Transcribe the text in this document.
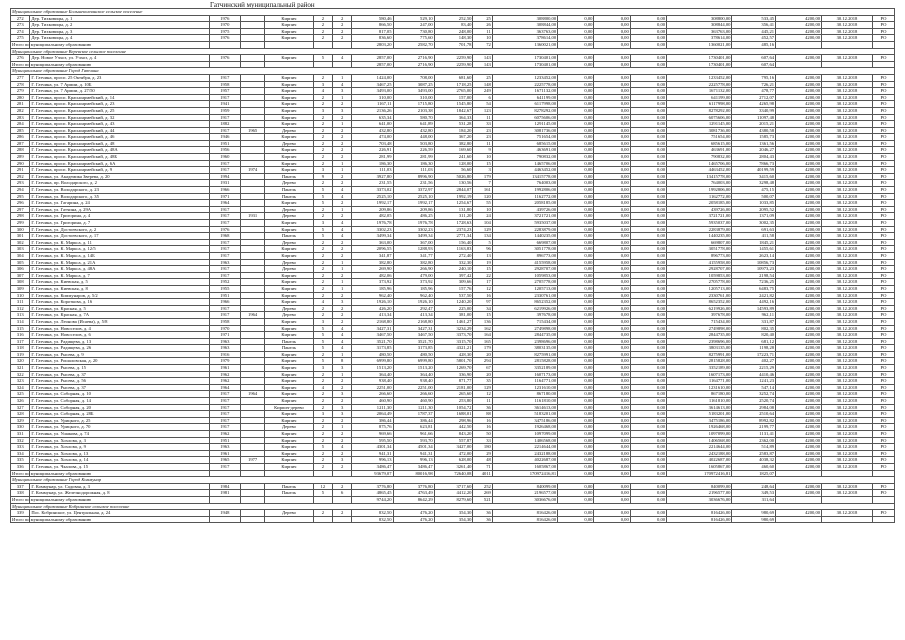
Гатчинский муниципальный район
Муниципальное образование Большеколпанское сельское поселение																			
272	Дер. Тихковицы, д. 1	1976		Кирпич	2	2	580,46	529,10	252,50	25	308800,00	0,00	0,00	0,00	308800,00	533,45	4200,00	30.12.2018	РО
273	Дер. Тихковицы, д. 2	1970		Кирпич	2	2	866,50	247,00	83,40	26	308844,00	0,00	0,00	0,00	308844,00	356,41	4200,00	30.12.2018	РО
274	Дер. Тихковицы, д. 3	1975		Кирпич	2	2	817,05	730,80	248,00	11	363763,00	0,00	0,00	0,00	363763,00	445,21	4200,00	30.12.2018	РО
275	Дер. Тихковицы, д. 4	1976		Кирпич	2	2	836,60	775,60	148,30	10	378614,00	0,00	0,00	0,00	378614,00	452,57	4200,00	30.12.2018	РО
Итого по муниципальному образованию							2803,20	2582,70	701,78	72	1360021,00	0,00	0,00	0,00	1360021,00	485,16			
Муниципальное образование Веревское сельское поселение																			
276	Дер. Новое Учхоз, ул. Учхоз, д. 4	1976		Кирпич	5	4	2857,00	2716,90	2259,90	143	1730401,00	0,00	0,00	0,00	1730401,00	607,64	4200,00	30.12.2018	РО
Итого по муниципальному образованию							2857,00	2716,90	2259,90	143	1730401,00	0,00	0,00	0,00	1730401,00	607,64			
Муниципальное образование Город Гатчина																			
277	Г. Гатчина, просп. 25 Октября, д. 23	1917		Кирпич	2	1	1424,00	708,00	681,60	25	1233452,00	0,00	0,00	0,00	1233452,00	795,16	4200,00	30.12.2018	РО
278	Г. Гатчина, ул. 7 Армии, д. 10Б	1958		Кирпич	3	4	3467,25	3087,25	1718,25	148	2225778,00	0,00	0,00	0,00	2225778,00	726,21	4200,00	30.12.2018	РО
279	Г. Гатчина, ул. 7 Армии, д. 27/50	1957		Кирпич	4	3	3493,00	3493,00	2765,00	249	1671132,00	0,00	0,00	0,00	1671132,00	478,77	4200,00	30.12.2018	РО
280	Г. Гатчина, просп. Красноармейский, д. 14	1917		Кирпич	2	1	310,00	310,00	157,00	6	641199,00	0,00	0,00	0,00	641199,00	2712,07	4200,00	30.12.2018	РО
281	Г. Гатчина, просп. Красноармейский, д. 23	1941		Кирпич	2	2	1167,11	1715,80	1545,80	54	6117998,00	0,00	0,00	0,00	6117998,00	4265,98	4200,00	30.12.2018	РО
282	Г. Гатчина, просп. Красноармейский, д. 25	1959		Кирпич	3	3	2136,26	2103,38	1842,67	123	8278292,00	0,00	0,00	0,00	8278292,00	3340,99	4200,00	30.12.2018	РО
283	Г. Гатчина, просп. Красноармейский, д. 32	1917		Кирпич	2	2	635,34	580,70	364,33	11	6075606,00	0,00	0,00	0,00	6075606,00	11097,48	4200,00	30.12.2018	РО
284	Г. Гатчина, просп. Красноармейский, д. 43	1882		Кирпич	2	1	641,00	641,89	531,28	33	1291145,00	0,00	0,00	0,00	1291145,00	2015,21	4200,00	30.12.2018	РО
285	Г. Гатчина, просп. Красноармейский, д. 44	1917	1965	Дерево	2	2	432,80	432,80	184,20	23	3081736,00	0,00	0,00	0,00	3081736,00	4380,58	4200,00	30.12.2018	РО
286	Г. Гатчина, просп. Красноармейский, д. 46	1946		Кирпич	2	2	474,00	448,00	367,20	23	751654,00	0,00	0,00	0,00	751654,00	1585,73	4200,00	30.12.2018	РО
287	Г. Гатчина, просп. Красноармейский, д. 48	1951		Дерево	2	2	703,48	503,80	382,80	11	685615,00	0,00	0,00	0,00	685615,00	1361,56	4200,00	30.12.2018	РО
288	Г. Гатчина, просп. Красноармейский, д. 48А	1956		Кирпич	2	2	226,91	226,59	169,60	9	463691,00	0,00	0,00	0,00	463691,00	2046,27	4200,00	30.12.2018	РО
289	Г. Гатчина, просп. Красноармейский, д. 48Б	1960		Кирпич	2	2	281,99	281,99	241,60	10	790832,00	0,00	0,00	0,00	790832,00	2804,43	4200,00	30.12.2018	РО
290	Г. Гатчина, просп. Красноармейский, д. 6А	1917		Кирпич	2	1	186,30	186,30	128,00	15	1465706,00	0,00	0,00	0,00	1465706,00	7866,73	4200,00	30.12.2018	РО
291	Г. Гатчина, просп. Красноармейский, д. 9	1917	1974	Кирпич	3	1	111,03	111,03	56,60	3	4463452,00	0,00	0,00	0,00	4463452,00	40199,59	4200,00	30.12.2018	РО
292	Г. Гатчина, ул. Академика Зверева, д. 20	1994		Панель	9	2	3927,80	8996,90	5026,80	179	13415778,00	0,00	0,00	0,00	13415778,00	3415,60	4200,00	30.12.2018	РО
293	Г. Гатчина, пр. Володарского, д. 2	1931		Дерево	2	2	231,55	231,56	130,56	7	764003,00	0,00	0,00	0,00	764003,00	3298,48	4200,00	30.12.2018	РО
294	Г. Гатчина, ул. Володарского, д. 23	1966		Панель	5	4	3373,02	3372,97	2844,07	161	1992806,00	0,00	0,00	0,00	1992806,00	475,15	4200,00	30.12.2018	РО
295	Г. Гатчина, ул. Володарского, д. 35	1971		Панель	5	4	2525,10	2525,10	1992,19	120	1162772,00	0,00	0,00	0,00	1162772,00	500,07	4200,00	30.12.2018	РО
296	Г. Гатчина, ул. Гагарина, д. 24	1964		Кирпич	5	2	1992,17	1992,17	1254,67	55	2058185,00	0,00	0,00	0,00	2058185,00	1033,85	4200,00	30.12.2018	РО
297	Г. Гатчина, ул. Гатчина, д. 29А	1917		Дерево	2	1	209,86	209,86	131,80	10	439726,00	0,00	0,00	0,00	439726,00	2095,52	4200,00	30.12.2018	РО
298	Г. Гатчина, ул. Григорина, д. 4	1917	1931	Дерево	2	2	482,05	486,25	311,20	24	3721721,00	0,00	0,00	0,00	3721721,00	1371,09	4200,00	30.12.2018	РО
299	Г. Гатчина, ул. Григорина, д. 7	1917		Кирпич	3	4	1976,78	1976,78	1728,63	104	5935037,00	0,00	0,00	0,00	5935037,00	3002,35	4200,00	30.12.2018	РО
300	Г. Гатчина, ул. Достоевского, д. 2	1976		Кирпич	5	4	3302,23	3302,23	2374,23	129	2283879,00	0,00	0,00	0,00	2283879,00	691,63	4200,00	30.12.2018	РО
301	Г. Гатчина, ул. Достоевского, д. 17	1968		Панель	5	4	3499,34	3499,34	2771,34	134	1440235,00	0,00	0,00	0,00	1440235,00	411,58	4200,00	30.12.2018	РО
302	Г. Гатчина, ул. К. Маркса, д. 11	1917		Дерево	2	2	363,00	367,00	156,40	5	669807,00	0,00	0,00	0,00	669807,00	1845,21	4200,00	30.12.2018	РО
303	Г. Гатчина, ул. К. Маркса, д. 12/5	1917		Кирпич	2	2	2096,55	1288,93	1163,83	96	3051778,00	0,00	0,00	0,00	3051778,00	1455,61	4200,00	30.12.2018	РО
304	Г. Гатчина, ул. К. Маркса, д. 14Б	1917		Кирпич	2	2	341,87	341,77	272,40	13	896773,00	0,00	0,00	0,00	896773,00	2623,14	4200,00	30.12.2018	РО
305	Г. Гатчина, ул. К. Маркса, д. 21А	1963		Дерево	2	1	382,80	382,80	332,30	19	4155958,00	0,00	0,00	0,00	4155958,00	10856,73	4200,00	30.12.2018	РО
306	Г. Гатчина, ул. К. Маркса, д. 48А	1917		Дерево	2	1	269,90	266,90	240,10	15	2928707,00	0,00	0,00	0,00	2928707,00	10973,23	4200,00	30.12.2018	РО
307	Г. Гатчина, ул. К. Маркса, д. 7	1917		Кирпич	2	2	482,06	479,00	397,42	22	1059853,00	0,00	0,00	0,00	1059853,00	2198,54	4200,00	30.12.2018	РО
308	Г. Гатчина, ул. Киевская, д. 5	1952		Кирпич	2	1	373,92	373,92	309,66	17	2705778,00	0,00	0,00	0,00	2705778,00	7236,25	4200,00	30.12.2018	РО
309	Г. Гатчина, ул. Киевская, д. 8	1955		Кирпич	2	1	185,96	185,96	157,76	12	1205713,00	0,00	0,00	0,00	1205713,00	6483,75	4200,00	30.12.2018	РО
310	Г. Гатчина, ул. Коммунаров, д. 5/2	1951		Кирпич	2	2	962,40	962,40	537,50	16	2330761,00	0,00	0,00	0,00	2330761,00	2421,82	4200,00	30.12.2018	РО
311	Г. Гатчина, ул. Короткова, д. 16	1966		Кирпич	4	3	1926,10	1926,10	1240,20	97	8652352,00	0,00	0,00	0,00	8652352,00	4492,16	4200,00	30.12.2018	РО
312	Г. Гатчина, ул. Красная, д. 5	1917		Дерево	2	2	426,20	292,47	225,00	34	6219926,00	0,00	0,00	0,00	6219926,00	14593,89	4200,00	30.12.2018	РО
313	Г. Гатчина, ул. Красная, д. 7А	1917	1964	Дерево	2	2	413,34	413,34	381,00	15	397678,00	0,00	0,00	0,00	397678,00	962,11	4200,00	30.12.2018	РО
314	Г. Гатчина, ул. Леонова (Исаева), д. 5/8	1958		Кирпич	3	2	2168,80	2168,80	1461,27	136	715434,00	0,00	0,00	0,00	715434,00	331,87	4200,00	30.12.2018	РО
315	Г. Гатчина, ул. Новоселов, д. 4	1970		Кирпич	5	4	3427,31	3427,31	3234,29	162	2749898,00	0,00	0,00	0,00	2749898,00	802,35	4200,00	30.12.2018	РО
316	Г. Гатчина, ул. Новоселов, д. 6	1971		Кирпич	5	4	3467,50	3467,50	3373,70	164	2844735,00	0,00	0,00	0,00	2844735,00	820,40	4200,00	30.12.2018	РО
317	Г. Гатчина, ул. Радищева, д. 13	1963		Панель	5	4	3521,70	3521,70	3315,70	165	2398696,00	0,00	0,00	0,00	2398696,00	681,12	4200,00	30.12.2018	РО
318	Г. Гатчина, ул. Радищева, д. 26	1963		Панель	5	4	3173,85	3173,85	4321,21	179	3803135,00	0,00	0,00	0,00	3803135,00	1198,28	4200,00	30.12.2018	РО
319	Г. Гатчина, ул. Рысева, д. 9	1916		Кирпич	2	1	480,50	480,50	428,30	20	8275991,00	0,00	0,00	0,00	8275991,00	17223,71	4200,00	30.12.2018	РО
320	Г. Гатчина, ул. Рошаловская, д. 20	1979		Кирпич	5	8	6999,80	6999,80	5801,70	294	2815828,00	0,00	0,00	0,00	2815828,00	402,27	4200,00	30.12.2018	РО
321	Г. Гатчина, ул. Рысева, д. 15	1961		Кирпич	3	3	1513,20	1513,20	1269,70	67	3352189,00	0,00	0,00	0,00	3352189,00	2215,29	4200,00	30.12.2018	РО
322	Г. Гатчина, ул. Рысева, д. 37	1962		Кирпич	2	1	364,40	364,40	336,90	20	1607173,00	0,00	0,00	0,00	1607173,00	4410,46	4200,00	30.12.2018	РО
323	Г. Гатчина, ул. Рысева, д. 56	1962		Кирпич	2	2	938,40	938,40	871,77	35	1164771,00	0,00	0,00	0,00	1164771,00	1241,23	4200,00	30.12.2018	РО
324	Г. Гатчина, ул. Рысева, д. 37	1964		Кирпич	4	2	2251,00	2251,00	2181,00	129	1231610,00	0,00	0,00	0,00	1231610,00	547,14	4200,00	30.12.2018	РО
325	Г. Гатчина, ул. Соборная, д. 10	1917	1964	Кирпич	2	3	266,60	266,60	265,60	12	867180,00	0,00	0,00	0,00	867180,00	3252,74	4200,00	30.12.2018	РО
326	Г. Гатчина, ул. Соборная, д. 14	1917		Кирпич	2	2	460,90	460,90	253,80	11	1161810,00	0,00	0,00	0,00	1161810,00	2520,74	4200,00	30.12.2018	РО
327	Г. Гатчина, ул. Соборная, д. 20	1917		Кирпич-дерево	2	3	1211,30	1211,30	1054,72	36	3614613,00	0,00	0,00	0,00	3614613,00	2984,08	4200,00	30.12.2018	РО
328	Г. Гатчина, ул. Соборная, д. 28Б	1917		Кирпич	3	3	2064,49	1787,37	1688,01	88	5183201,00	0,00	0,00	0,00	5183201,00	2510,64	4200,00	30.12.2018	РО
329	Г. Гатчина, ул. Урицкого, д. 25	1917		Кирпич	2	2	386,44	386,44	298,96	16	3475186,00	0,00	0,00	0,00	3475186,00	8992,82	4200,00	30.12.2018	РО
330	Г. Гатчина, ул. Урицкого, д. 70	1917		Дерево	2	1	875,76	623,81	442,50	16	1926468,00	0,00	0,00	0,00	1926468,00	2199,77	4200,00	30.12.2018	РО
331	Г. Гатчина, ул. Ушакова, д. 74	1962		Кирпич	2	2	969,66	961,66	843,20	50	1097099,00	0,00	0,00	0,00	1097099,00	1131,41	4200,00	30.12.2018	РО
332	Г. Гатчина, ул. Хохлова, д. 3	1951		Кирпич	2	2	595,50	593,70	557,87	33	1406568,00	0,00	0,00	0,00	1406568,00	2362,00	4200,00	30.12.2018	РО
333	Г. Гатчина, ул. Хохлова, д. 9	1963		Кирпич	5	4	4301,34	4501,34	3427,00	180	2214644,00	0,00	0,00	0,00	2214644,00	514,89	4200,00	30.12.2018	РО
334	Г. Гатчина, ул. Хохлова, д. 13	1961		Кирпич	2	2	941,31	941,31	472,00	29	2432188,00	0,00	0,00	0,00	2432188,00	2583,87	4200,00	30.12.2018	РО
335	Г. Гатчина, ул. Хохлова, д. 14	1965	1977	Кирпич	2	3	996,13	996,13	628,00	48	4022687,00	0,00	0,00	0,00	4022687,00	4038,32	4200,00	30.12.2018	РО
336	Г. Гатчина, ул. Чкалова, д. 15	1917		Кирпич	2	2	3486,47	3486,47	3261,40	71	1605867,00	0,00	0,00	0,00	1605867,00	460,60	4200,00	30.12.2018	РО
Итого по муниципальному образованию							93679,07	80016,98	72640,08	4011	170972416,81	0,00	0,00	0,00	170972416,81	1825,07			
Муниципальное образование Город Коммунар																			
337	Г. Коммунар, ул. Садовая, д. 3	1984		Панель	12	2	3776,80	3776,80	3717,60	252	840099,00	0,00	0,00	0,00	840099,00	248,64	4200,00	30.12.2018	РО
338	Г. Коммунар, ул. Железнодорожная, д. 8	1981		Панель	5	6	4865,45	4763,49	4412,20	269	2196577,00	0,00	0,00	0,00	2196577,00	349,53	4200,00	30.12.2018	РО
Итого по муниципальному образованию							9744,20	8642,29	8279,60	521	3036676,00	0,00	0,00	0,00	3036676,00	311,64			
Муниципальное образование Кобринское сельское поселение																			
339	Пос. Кобринское, ул. Центральная, д. 24	1948		Дерево	2	2	832,50	476,20	354,30	36	816426,00	0,00	0,00	0,00	816426,00	980,69	4200,00	30.12.2018	РО
Итого по муниципальному образованию							832,50	476,20	354,30	36	816426,00	0,00	0,00	0,00	816426,00	980,69			
